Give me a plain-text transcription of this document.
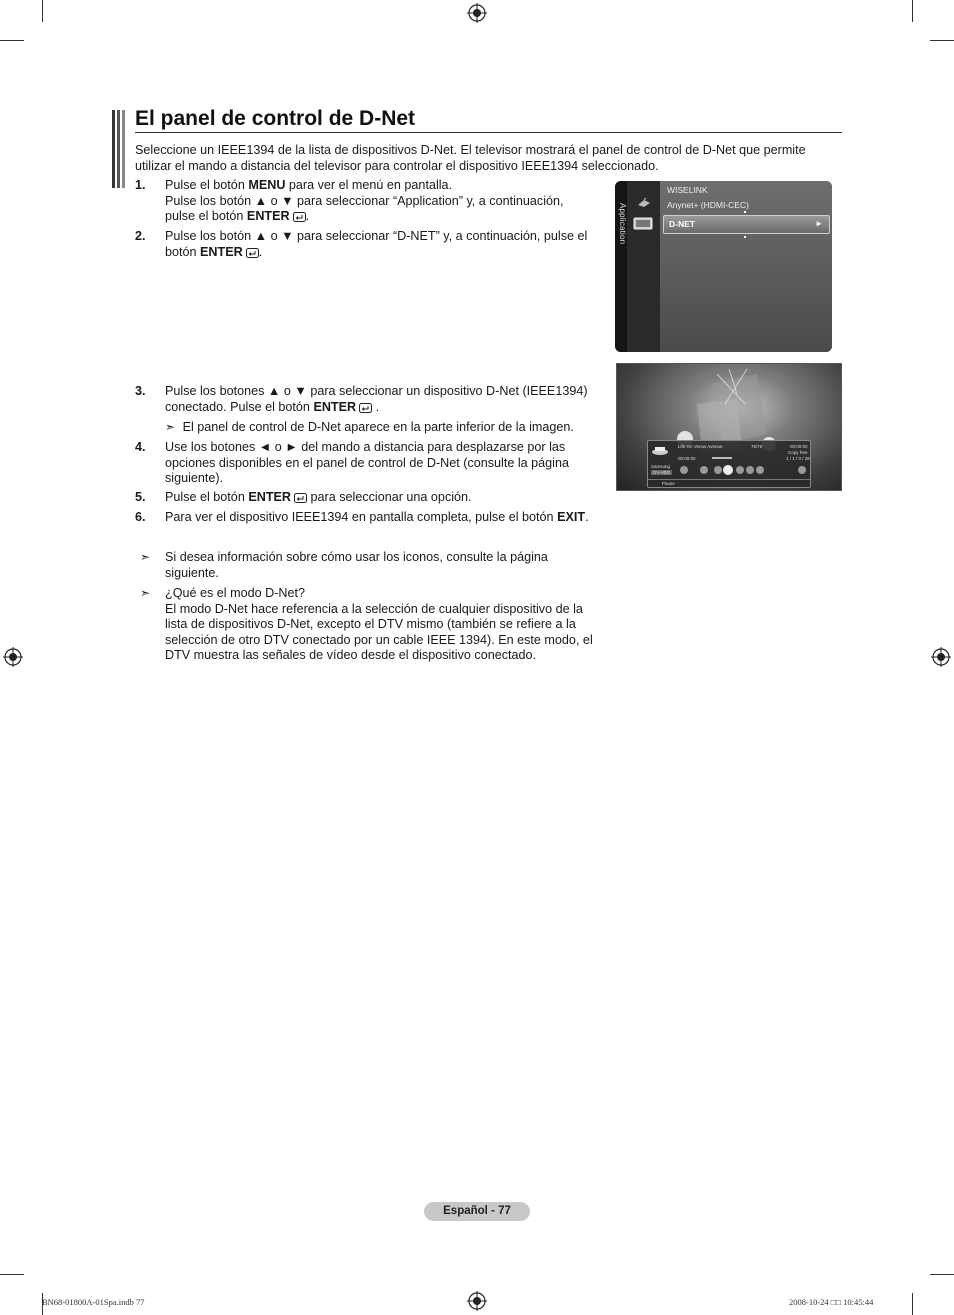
El panel de control de D-Net
Seleccione un IEEE1394 de la lista de dispositivos D-Net. El televisor mostrará el panel de control de D-Net que permite utilizar el mando a distancia del televisor para controlar el dispositivo IEEE1394 seleccionado.
1.	Pulse el botón MENU para ver el menú en pantalla.
Pulse los botón ▲ o ▼ para seleccionar “Application” y, a continuación,
pulse el botón ENTER .
2.	Pulse los botón ▲ o ▼ para seleccionar “D-NET” y, a continuación, pulse el
botón ENTER .
Application
WISELINK
Anynet+ (HDMI-CEC)
D-NET	►
3.	Pulse los botones ▲ o ▼ para seleccionar un dispositivo D-Net (IEEE1394)
conectado. Pulse el botón ENTER .
➣ El panel de control de D-Net aparece en la parte inferior de la imagen.
Life On Venus Avenue	76/76	00:00:00
Copy free
00:00:00	1 / 1 / 0 / 28
Samsung
DV-HDD
Pause
4.	Use los botones ◄ o ► del mando a distancia para desplazarse por las
opciones disponibles en el panel de control de D-Net (consulte la página
siguiente).
5.	Pulse el botón ENTER para seleccionar una opción.
6.	Para ver el dispositivo IEEE1394 en pantalla completa, pulse el botón EXIT.
➣ Si desea información sobre cómo usar los iconos, consulte la página
siguiente.
➣ ¿Qué es el modo D-Net?
El modo D-Net hace referencia a la selección de cualquier dispositivo de la
lista de dispositivos D-Net, excepto el DTV mismo (también se refiere a la
selección de otro DTV conectado por un cable IEEE 1394). En este modo, el
DTV muestra las señales de vídeo desde el dispositivo conectado.
Español - 77
BN68-01800A-01Spa.indb 77	2008-10-24 □□ 10:45:44
